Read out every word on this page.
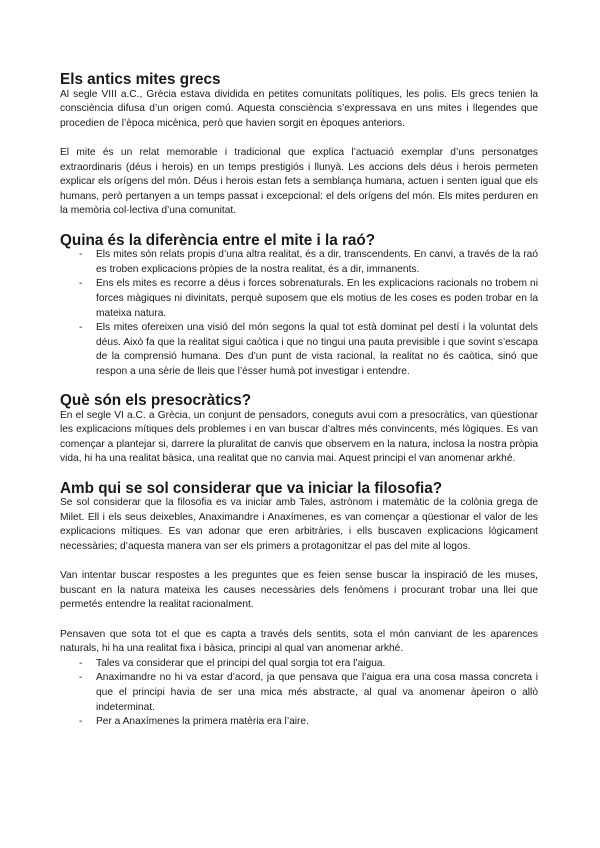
Els antics mites grecs

Al segle VIII a.C., Grècia estava dividida en petites comunitats polítiques, les polis. Els grecs tenien la consciència difusa d’un origen comú. Aquesta consciència s’expressava en uns mites i llegendes que procedien de l’època micènica, però que havien sorgit en èpoques anteriors.

El mite és un relat memorable i tradicional que explica l’actuació exemplar d’uns personatges extraordinaris (déus i herois) en un temps prestigiós i llunyà. Les accions dels déus i herois permeten explicar els orígens del món. Déus i herois estan fets a semblança humana, actuen i senten igual que els humans, però pertanyen a un temps passat i excepcional: el dels orígens del món. Els mites perduren en la memòria col·lectiva d’una comunitat.

Quina és la diferència entre el mite i la raó?
- Els mites són relats propis d’una altra realitat, és a dir, transcendents. En canvi, a través de la raó es troben explicacions pròpies de la nostra realitat, és a dir, immanents.
- Ens els mites es recorre a déus i forces sobrenaturals. En les explicacions racionals no trobem ni forces màgiques ni divinitats, perquè suposem que els motius de les coses es poden trobar en la mateixa natura.
- Els mites ofereixen una visió del món segons la qual tot està dominat pel destí i la voluntat dels déus. Això fa que la realitat sigui caòtica i que no tingui una pauta previsible i que sovint s’escapa de la comprensió humana. Des d’un punt de vista racional, la realitat no és caòtica, sinó que respon a una sèrie de lleis que l’ésser humà pot investigar i entendre.
Què són els presocràtics?

En el segle VI a.C. a Grècia, un conjunt de pensadors, coneguts avui com a presocràtics, van qüestionar les explicacions mítiques dels problemes i en van buscar d’altres més convincents, més lògiques. Es van començar a plantejar si, darrere la pluralitat de canvis que observem en la natura, inclosa la nostra pròpia vida, hi ha una realitat bàsica, una realitat que no canvia mai. Aquest principi el van anomenar arkhé.

Amb qui se sol considerar que va iniciar la filosofia?

Se sol considerar que la filosofia es va iniciar amb Tales, astrònom i matemàtic de la colònia grega de Milet. Ell i els seus deixebles, Anaximandre i Anaxímenes, es van començar a qüestionar el valor de les explicacions mítiques. Es van adonar que eren arbitràries, i ells buscaven explicacions lògicament necessàries; d’aquesta manera van ser els primers a protagonitzar el pas del mite al logos.

Van intentar buscar respostes a les preguntes que es feien sense buscar la inspiració de les muses, buscant en la natura mateixa les causes necessàries dels fenòmens i procurant trobar una llei que permetés entendre la realitat racionalment.

Pensaven que sota tot el que es capta a través dels sentits, sota el món canviant de les aparences naturals, hi ha una realitat fixa i bàsica, principi al qual van anomenar arkhé.

- Tales va considerar que el principi del qual sorgia tot era l’aigua.
- Anaximandre no hi va estar d’acord, ja que pensava que l’aigua era una cosa massa concreta i que el principi havia de ser una mica més abstracte, al qual va anomenar àpeiron o allò indeterminat.
- Per a Anaxímenes la primera matèria era l’aire.
